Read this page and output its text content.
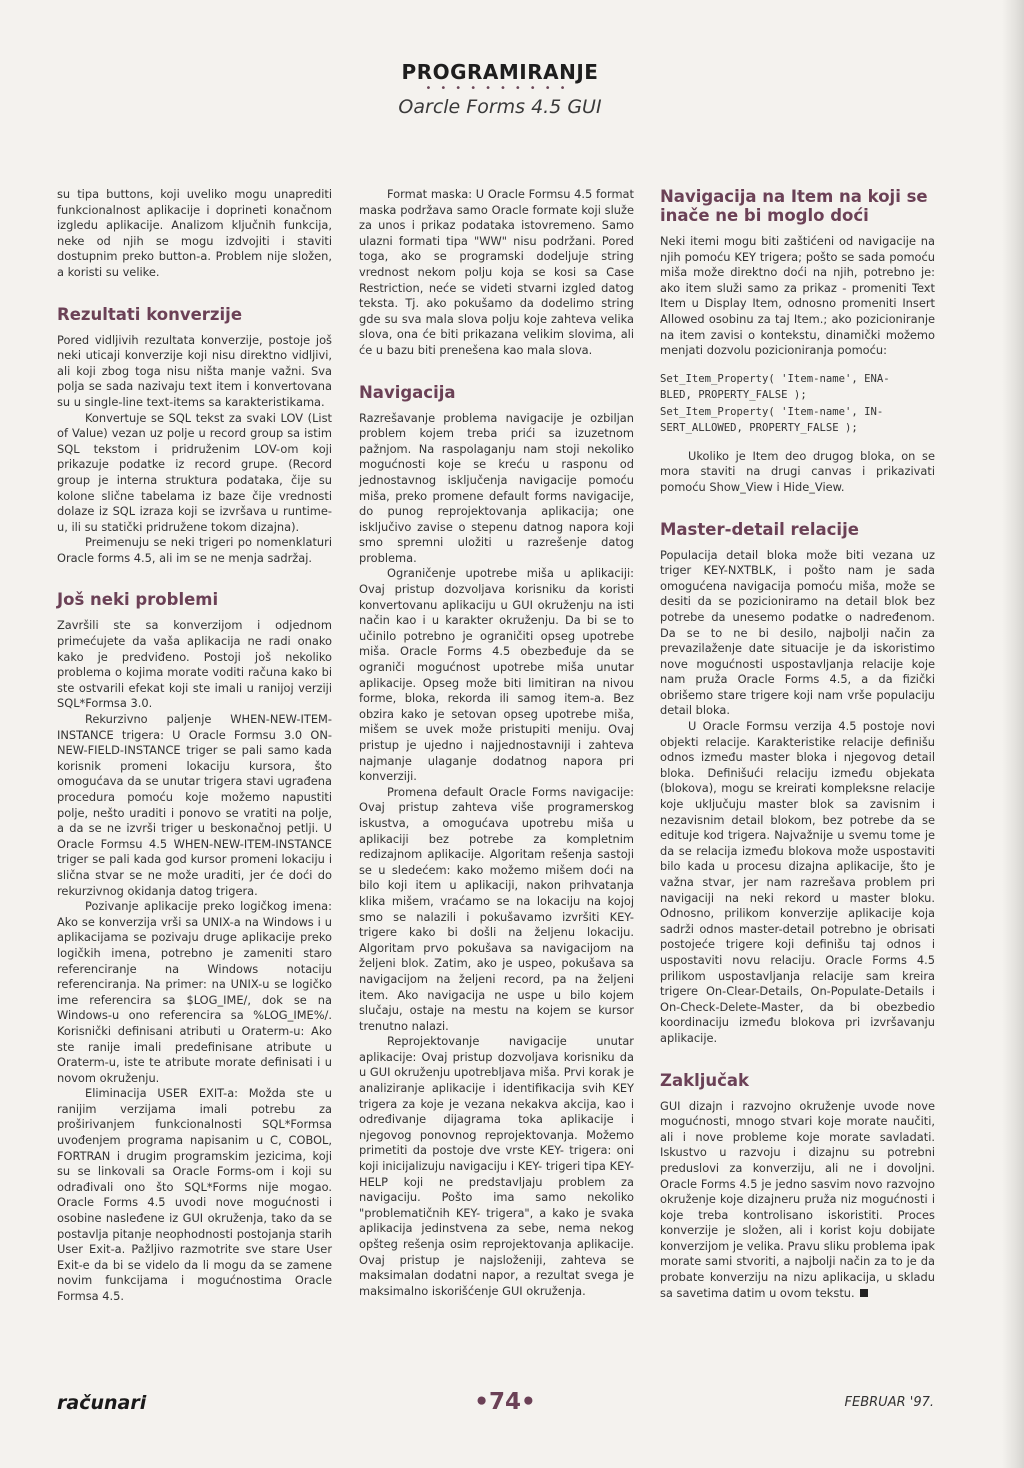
PROGRAMIRANJE
••••••••••
Oarcle Forms 4.5 GUI

su tipa buttons, koji uveliko mogu unaprediti funkcionalnost aplikacije i doprineti konačnom izgledu aplikacije. Analizom ključnih funkcija, neke od njih se mogu izdvojiti i staviti dostupnim preko button-a. Problem nije složen, a koristi su velike.

Rezultati konverzije

Pored vidljivih rezultata konverzije, postoje još neki uticaji konverzije koji nisu direktno vidljivi, ali koji zbog toga nisu ništa manje važni. Sva polja se sada nazivaju text item i konvertovana su u single-line text-items sa karakteristikama.

Konvertuje se SQL tekst za svaki LOV (List of Value) vezan uz polje u record group sa istim SQL tekstom i pridruženim LOV-om koji prikazuje podatke iz record grupe. (Record group je interna struktura podataka, čije su kolone slične tabelama iz baze čije vrednosti dolaze iz SQL izraza koji se izvršava u runtime-u, ili su statički pridružene tokom dizajna).

Preimenuju se neki trigeri po nomenklaturi Oracle forms 4.5, ali im se ne menja sadržaj.

Još neki problemi

Završili ste sa konverzijom i odjednom primećujete da vaša aplikacija ne radi onako kako je predviđeno. Postoji još nekoliko problema o kojima morate voditi računa kako bi ste ostvarili efekat koji ste imali u ranijoj verziji SQL*Formsa 3.0.

Rekurzivno paljenje WHEN-NEW-ITEM-INSTANCE trigera: U Oracle Formsu 3.0 ON-NEW-FIELD-INSTANCE triger se pali samo kada korisnik promeni lokaciju kursora, što omogućava da se unutar trigera stavi ugrađena procedura pomoću koje možemo napustiti polje, nešto uraditi i ponovo se vratiti na polje, a da se ne izvrši triger u beskonačnoj petlji. U Oracle Formsu 4.5 WHEN-NEW-ITEM-INSTANCE triger se pali kada god kursor promeni lokaciju i slična stvar se ne može uraditi, jer će doći do rekurzivnog okidanja datog trigera.

Pozivanje aplikacije preko logičkog imena: Ako se konverzija vrši sa UNIX-a na Windows i u aplikacijama se pozivaju druge aplikacije preko logičkih imena, potrebno je zameniti staro referenciranje na Windows notaciju referenciranja. Na primer: na UNIX-u se logičko ime referencira sa $LOG_IME/, dok se na Windows-u ono referencira sa %LOG_IME%/. Korisnički definisani atributi u Oraterm-u: Ako ste ranije imali predefinisane atribute u Oraterm-u, iste te atribute morate definisati i u novom okruženju.

Eliminacija USER EXIT-a: Možda ste u ranijim verzijama imali potrebu za proširivanjem funkcionalnosti SQL*Formsa uvođenjem programa napisanim u C, COBOL, FORTRAN i drugim programskim jezicima, koji su se linkovali sa Oracle Forms-om i koji su odrađivali ono što SQL*Forms nije mogao. Oracle Forms 4.5 uvodi nove mogućnosti i osobine nasleđene iz GUI okruženja, tako da se postavlja pitanje neophodnosti postojanja starih User Exit-a. Pažljivo razmotrite sve stare User Exit-e da bi se videlo da li mogu da se zamene novim funkcijama i mogućnostima Oracle Formsa 4.5.

Format maska: U Oracle Formsu 4.5 format maska podržava samo Oracle formate koji služe za unos i prikaz podataka istovremeno. Samo ulazni formati tipa "WW" nisu podržani. Pored toga, ako se programski dodeljuje string vrednost nekom polju koja se kosi sa Case Restriction, neće se videti stvarni izgled datog teksta. Tj. ako pokušamo da dodelimo string gde su sva mala slova polju koje zahteva velika slova, ona će biti prikazana velikim slovima, ali će u bazu biti prenešena kao mala slova.

Navigacija

Razrešavanje problema navigacije je ozbiljan problem kojem treba prići sa izuzetnom pažnjom. Na raspolaganju nam stoji nekoliko mogućnosti koje se kreću u rasponu od jednostavnog isključenja navigacije pomoću miša, preko promene default forms navigacije, do punog reprojektovanja aplikacija; one isključivo zavise o stepenu datnog napora koji smo spremni uložiti u razrešenje datog problema.

Ograničenje upotrebe miša u aplikaciji: Ovaj pristup dozvoljava korisniku da koristi konvertovanu aplikaciju u GUI okruženju na isti način kao i u karakter okruženju. Da bi se to učinilo potrebno je ograničiti opseg upotrebe miša. Oracle Forms 4.5 obezbeđuje da se ograniči mogućnost upotrebe miša unutar aplikacije. Opseg može biti limitiran na nivou forme, bloka, rekorda ili samog item-a. Bez obzira kako je setovan opseg upotrebe miša, mišem se uvek može pristupiti meniju. Ovaj pristup je ujedno i najjednostavniji i zahteva najmanje ulaganje dodatnog napora pri konverziji.

Promena default Oracle Forms navigacije: Ovaj pristup zahteva više programerskog iskustva, a omogućava upotrebu miša u aplikaciji bez potrebe za kompletnim redizajnom aplikacije. Algoritam rešenja sastoji se u sledećem: kako možemo mišem doći na bilo koji item u aplikaciji, nakon prihvatanja klika mišem, vraćamo se na lokaciju na kojoj smo se nalazili i pokušavamo izvršiti KEY- trigere kako bi došli na željenu lokaciju. Algoritam prvo pokušava sa navigacijom na željeni blok. Zatim, ako je uspeo, pokušava sa navigacijom na željeni record, pa na željeni item. Ako navigacija ne uspe u bilo kojem slučaju, ostaje na mestu na kojem se kursor trenutno nalazi.

Reprojektovanje navigacije unutar aplikacije: Ovaj pristup dozvoljava korisniku da u GUI okruženju upotrebljava miša. Prvi korak je analiziranje aplikacije i identifikacija svih KEY trigera za koje je vezana nekakva akcija, kao i određivanje dijagrama toka aplikacije i njegovog ponovnog reprojektovanja. Možemo primetiti da postoje dve vrste KEY- trigera: oni koji inicijalizuju navigaciju i KEY- trigeri tipa KEY-HELP koji ne predstavljaju problem za navigaciju. Pošto ima samo nekoliko "problematičnih KEY- trigera", a kako je svaka aplikacija jedinstvena za sebe, nema nekog opšteg rešenja osim reprojektovanja aplikacije. Ovaj pristup je najsloženiji, zahteva se maksimalan dodatni napor, a rezultat svega je maksimalno iskorišćenje GUI okruženja.

Navigacija na Item na koji se inače ne bi moglo doći

Neki itemi mogu biti zaštićeni od navigacije na njih pomoću KEY trigera; pošto se sada pomoću miša može direktno doći na njih, potrebno je: ako item služi samo za prikaz - promeniti Text Item u Display Item, odnosno promeniti Insert Allowed osobinu za taj Item.; ako pozicioniranje na item zavisi o kontekstu, dinamički možemo menjati dozvolu pozicioniranja pomoću:

Set_Item_Property( 'Item-name', ENA-
BLED, PROPERTY_FALSE );
Set_Item_Property( 'Item-name', IN-
SERT_ALLOWED, PROPERTY_FALSE );

Ukoliko je Item deo drugog bloka, on se mora staviti na drugi canvas i prikazivati pomoću Show_View i Hide_View.

Master-detail relacije

Populacija detail bloka može biti vezana uz triger KEY-NXTBLK, i pošto nam je sada omogućena navigacija pomoću miša, može se desiti da se pozicioniramo na detail blok bez potrebe da unesemo podatke o nadređenom. Da se to ne bi desilo, najbolji način za prevazilaženje date situacije je da iskoristimo nove mogućnosti uspostavljanja relacije koje nam pruža Oracle Forms 4.5, a da fizički obrišemo stare trigere koji nam vrše populaciju detail bloka.

U Oracle Formsu verzija 4.5 postoje novi objekti relacije. Karakteristike relacije definišu odnos između master bloka i njegovog detail bloka. Definišući relaciju između objekata (blokova), mogu se kreirati kompleksne relacije koje uključuju master blok sa zavisnim i nezavisnim detail blokom, bez potrebe da se edituje kod trigera. Najvažnije u svemu tome je da se relacija između blokova može uspostaviti bilo kada u procesu dizajna aplikacije, što je važna stvar, jer nam razrešava problem pri navigaciji na neki rekord u master bloku. Odnosno, prilikom konverzije aplikacije koja sadrži odnos master-detail potrebno je obrisati postojeće trigere koji definišu taj odnos i uspostaviti novu relaciju. Oracle Forms 4.5 prilikom uspostavljanja relacije sam kreira trigere On-Clear-Details, On-Populate-Details i On-Check-Delete-Master, da bi obezbedio koordinaciju između blokova pri izvršavanju aplikacije.

Zaključak

GUI dizajn i razvojno okruženje uvode nove mogućnosti, mnogo stvari koje morate naučiti, ali i nove probleme koje morate savladati. Iskustvo u razvoju i dizajnu su potrebni preduslovi za konverziju, ali ne i dovoljni. Oracle Forms 4.5 je jedno sasvim novo razvojno okruženje koje dizajneru pruža niz mogućnosti i koje treba kontrolisano iskoristiti. Proces konverzije je složen, ali i korist koju dobijate konverzijom je velika. Pravu sliku problema ipak morate sami stvoriti, a najbolji način za to je da probate konverziju na nizu aplikacija, u skladu sa savetima datim u ovom tekstu.

računari	•74•	FEBRUAR '97.
